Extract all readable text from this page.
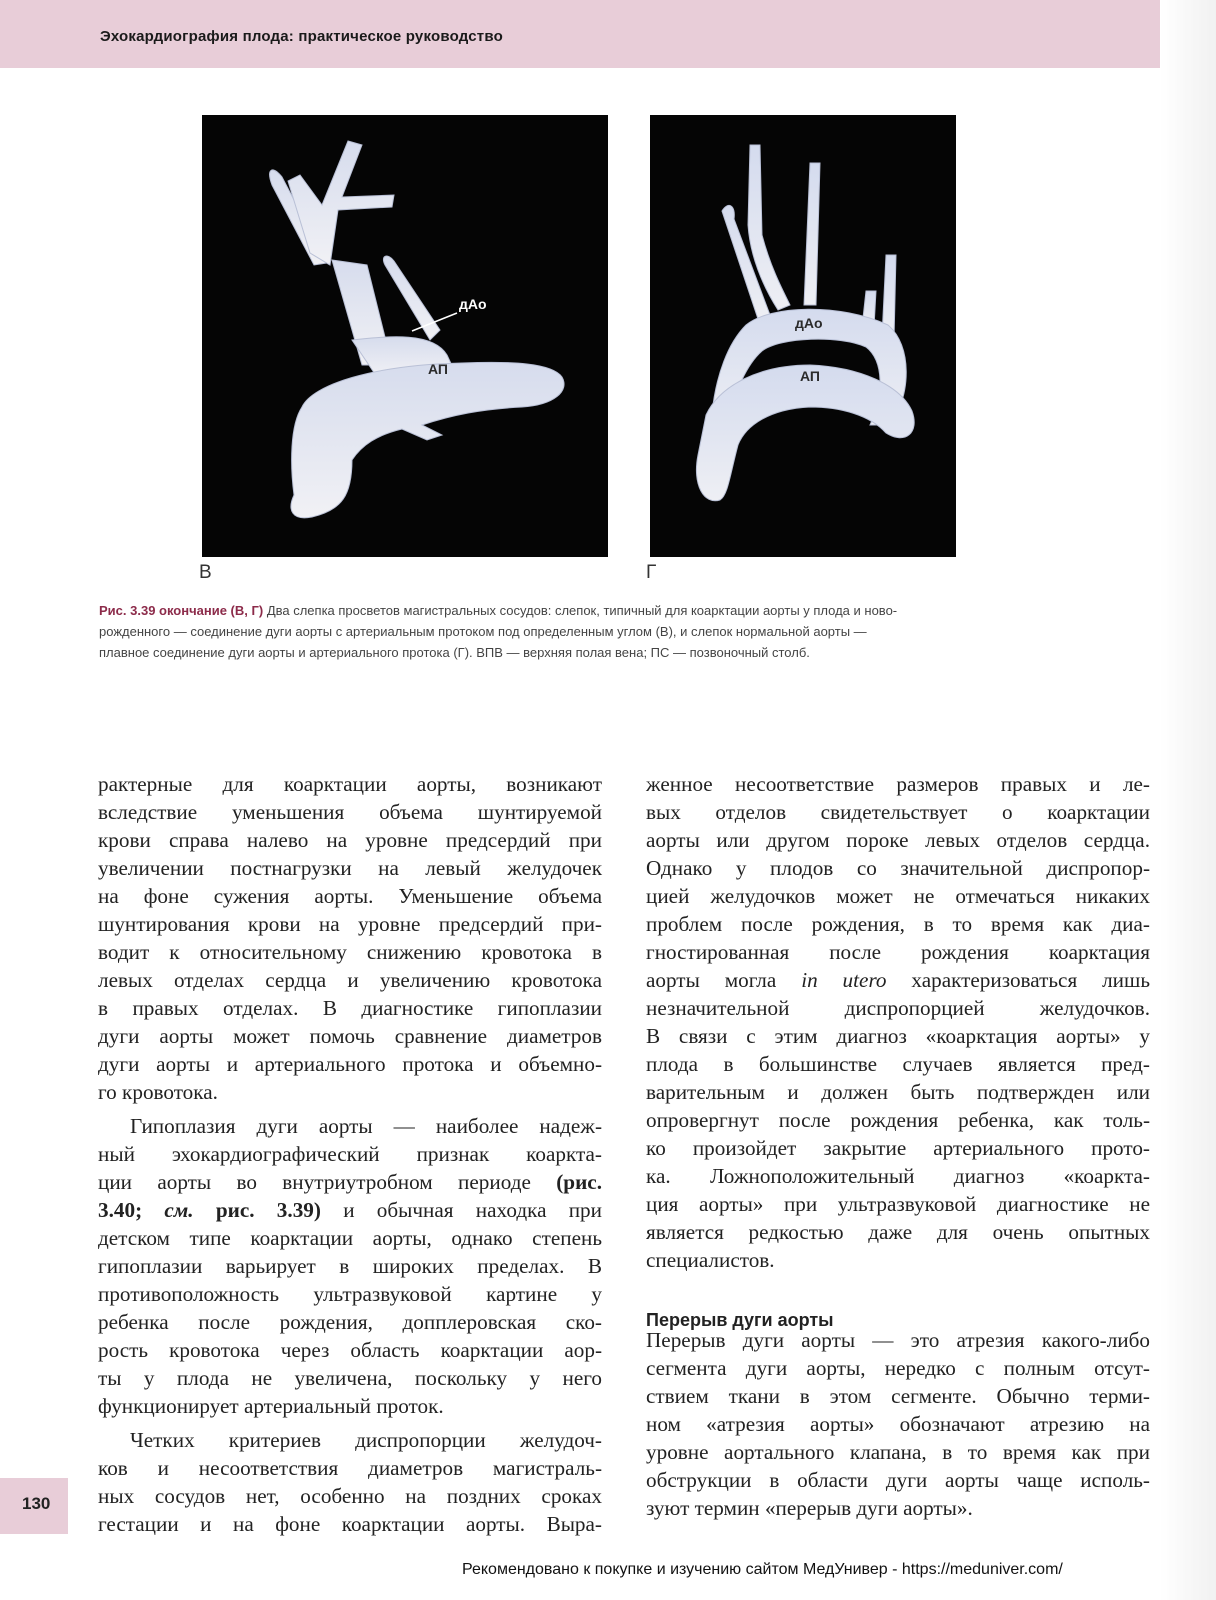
Эхокардиография плода: практическое руководство
дАо
АП
В
дАо
АП
Г
Рис. 3.39 окончание (В, Г) Два слепка просветов магистральных сосудов: слепок, типичный для коарктации аорты у плода и ново-
рожденного — соединение дуги аорты с артериальным протоком под определенным углом (В), и слепок нормальной аорты —
плавное соединение дуги аорты и артериального протока (Г). ВПВ — верхняя полая вена; ПС — позвоночный столб.
рактерные для коарктации аорты, возникают
вследствие уменьшения объема шунтируемой
крови справа налево на уровне предсердий при
увеличении постнагрузки на левый желудочек
на фоне сужения аорты. Уменьшение объема
шунтирования крови на уровне предсердий при-
водит к относительному снижению кровотока в
левых отделах сердца и увеличению кровотока
в правых отделах. В диагностике гипоплазии
дуги аорты может помочь сравнение диаметров
дуги аорты и артериального протока и объемно-
го кровотока.
Гипоплазия дуги аорты — наиболее надеж-
ный эхокардиографический признак коаркта-
ции аорты во внутриутробном периоде (рис.
3.40; см. рис. 3.39) и обычная находка при
детском типе коарктации аорты, однако степень
гипоплазии варьирует в широких пределах. В
противоположность ультразвуковой картине у
ребенка после рождения, допплеровская ско-
рость кровотока через область коарктации аор-
ты у плода не увеличена, поскольку у него
функционирует артериальный проток.
Четких критериев диспропорции желудоч-
ков и несоответствия диаметров магистраль-
ных сосудов нет, особенно на поздних сроках
гестации и на фоне коарктации аорты. Выра-
женное несоответствие размеров правых и ле-
вых отделов свидетельствует о коарктации
аорты или другом пороке левых отделов сердца.
Однако у плодов со значительной диспропор-
цией желудочков может не отмечаться никаких
проблем после рождения, в то время как диа-
гностированная после рождения коарктация
аорты могла in utero характеризоваться лишь
незначительной диспропорцией желудочков.
В связи с этим диагноз «коарктация аорты» у
плода в большинстве случаев является пред-
варительным и должен быть подтвержден или
опровергнут после рождения ребенка, как толь-
ко произойдет закрытие артериального прото-
ка. Ложноположительный диагноз «коаркта-
ция аорты» при ультразвуковой диагностике не
является редкостью даже для очень опытных
специалистов.
Перерыв дуги аорты
Перерыв дуги аорты — это атрезия какого-либо
сегмента дуги аорты, нередко с полным отсут-
ствием ткани в этом сегменте. Обычно терми-
ном «атрезия аорты» обозначают атрезию на
уровне аортального клапана, в то время как при
обструкции в области дуги аорты чаще исполь-
зуют термин «перерыв дуги аорты».
130
Рекомендовано к покупке и изучению сайтом МедУнивер - https://meduniver.com/
